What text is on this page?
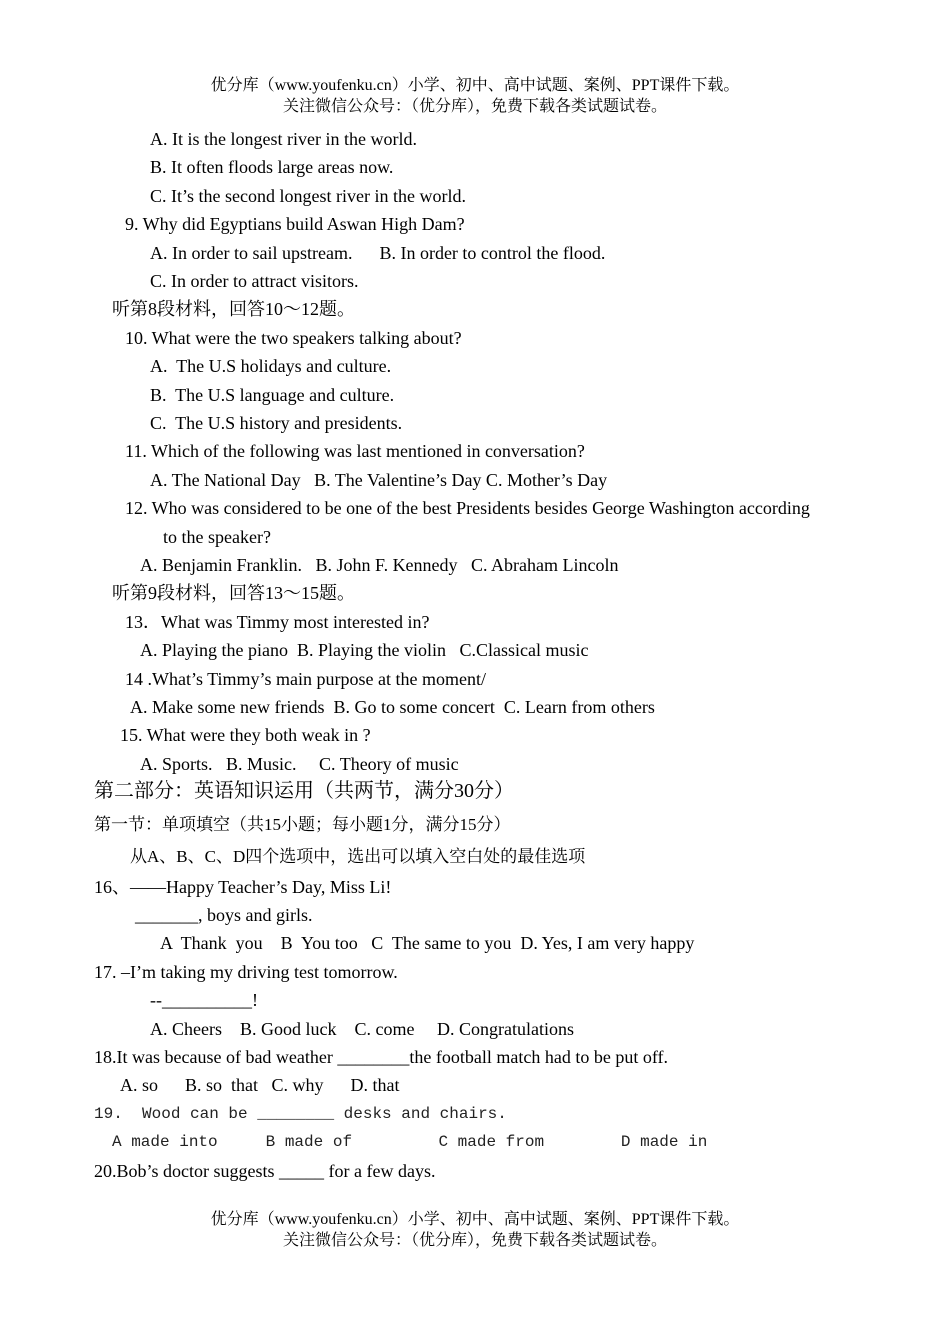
优分库（www.youfenku.cn）小学、初中、高中试题、案例、PPT课件下载。
关注微信公众号：（优分库），免费下载各类试题试卷。
A. It is the longest river in the world.
B. It often floods large areas now.
C. It’s the second longest river in the world.
9. Why did Egyptians build Aswan High Dam?
A. In order to sail upstream.      B. In order to control the flood.
C. In order to attract visitors.
听第8段材料，回答10～12题。
10. What were the two speakers talking about?
A.  The U.S holidays and culture.
B.  The U.S language and culture.
C.  The U.S history and presidents.
11. Which of the following was last mentioned in conversation?
A. The National Day   B. The Valentine’s Day C. Mother’s Day
12. Who was considered to be one of the best Presidents besides George Washington according
to the speaker?
A. Benjamin Franklin.   B. John F. Kennedy   C. Abraham Lincoln
听第9段材料，回答13～15题。
13．What was Timmy most interested in?
A. Playing the piano  B. Playing the violin   C.Classical music
14 .What’s Timmy’s main purpose at the moment/
A. Make some new friends  B. Go to some concert  C. Learn from others
15. What were they both weak in ?
A. Sports.   B. Music.     C. Theory of music
第二部分：英语知识运用（共两节，满分30分）
第一节：单项填空（共15小题；每小题1分，满分15分）
从A、B、C、D四个选项中，选出可以填入空白处的最佳选项
16、——Happy Teacher’s Day, Miss Li!
_______, boys and girls.
A  Thank  you    B  You too   C  The same to you  D. Yes, I am very happy
17. –I’m taking my driving test tomorrow.
--__________!
A. Cheers    B. Good luck    C. come     D. Congratulations
18.It was because of bad weather ________the football match had to be put off.
A. so      B. so  that   C. why      D. that
19.  Wood can be ________ desks and chairs.
A made into     B made of         C made from        D made in
20.Bob’s doctor suggests _____ for a few days.
优分库（www.youfenku.cn）小学、初中、高中试题、案例、PPT课件下载。
关注微信公众号：（优分库），免费下载各类试题试卷。
